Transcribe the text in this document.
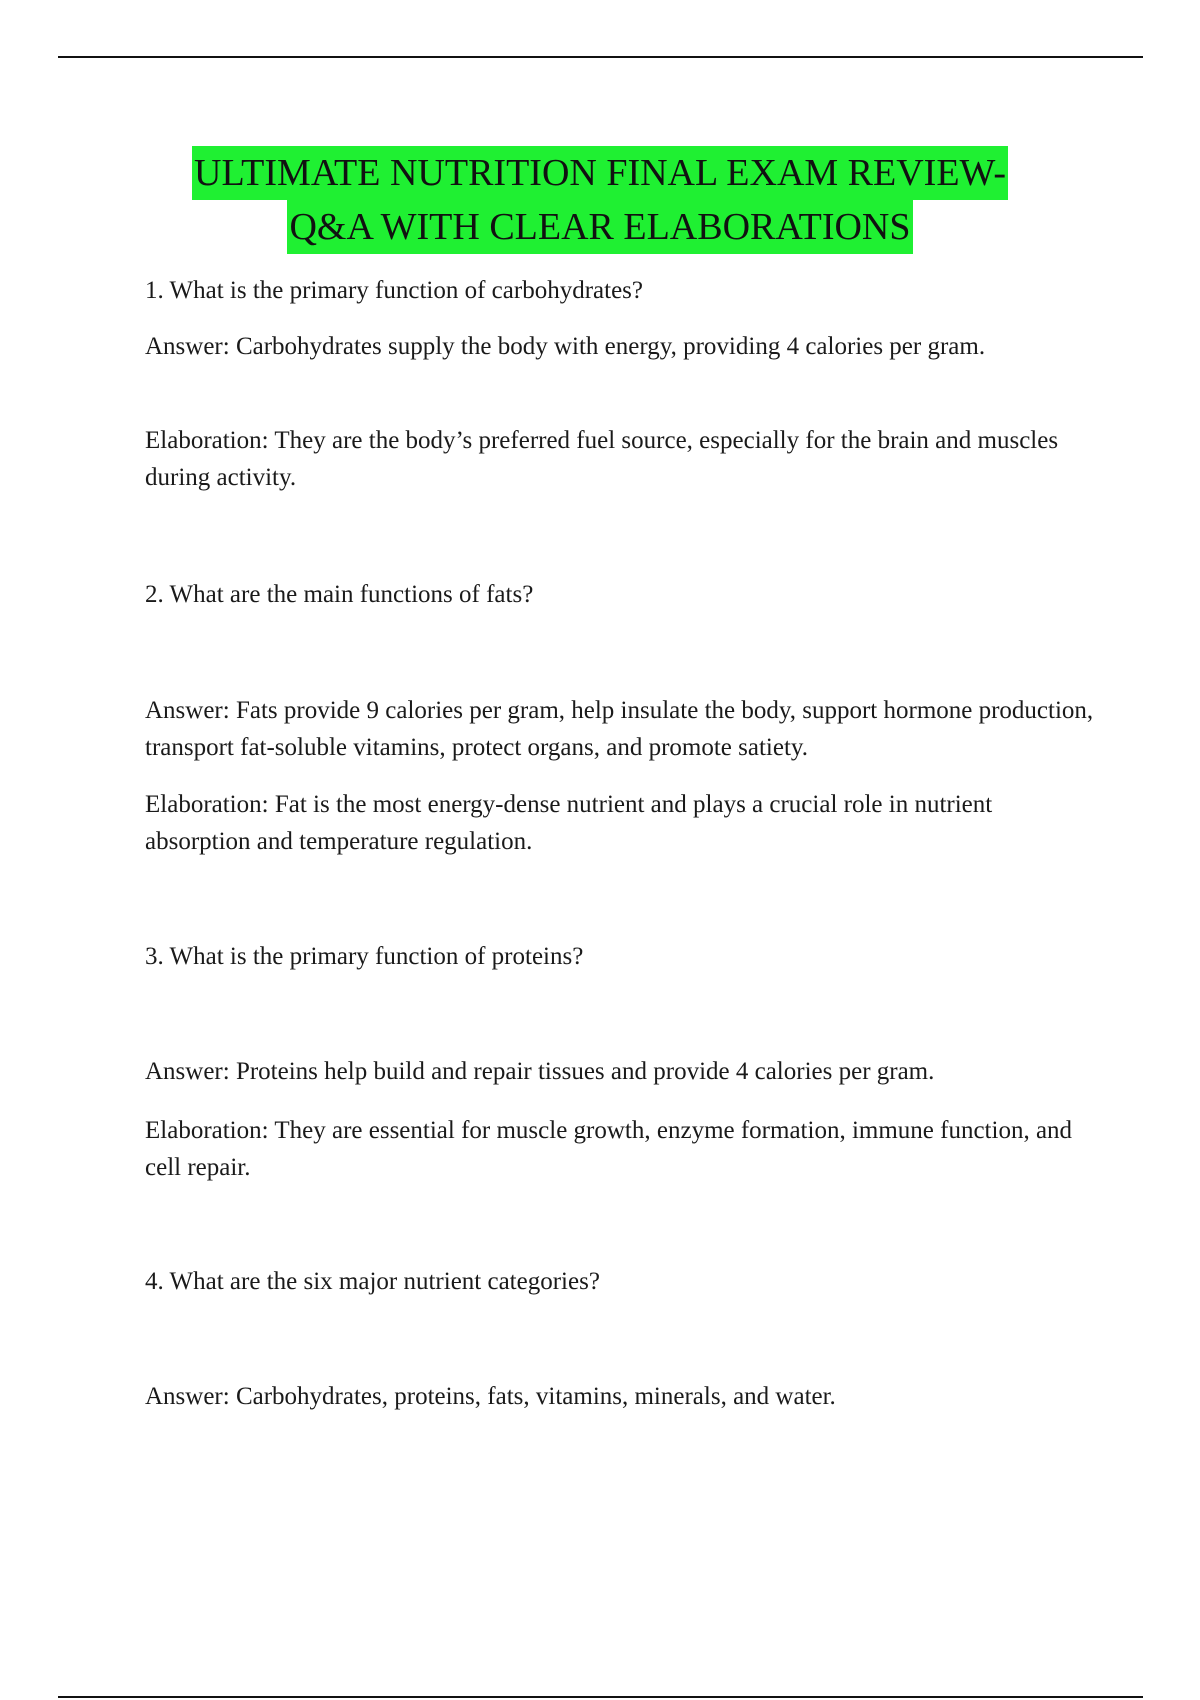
ULTIMATE NUTRITION FINAL EXAM REVIEW-
Q&A WITH CLEAR ELABORATIONS

1. What is the primary function of carbohydrates?

Answer: Carbohydrates supply the body with energy, providing 4 calories per gram.

Elaboration: They are the body’s preferred fuel source, especially for the brain and muscles during activity.

2. What are the main functions of fats?

Answer: Fats provide 9 calories per gram, help insulate the body, support hormone production, transport fat-soluble vitamins, protect organs, and promote satiety.

Elaboration: Fat is the most energy-dense nutrient and plays a crucial role in nutrient absorption and temperature regulation.

3. What is the primary function of proteins?

Answer: Proteins help build and repair tissues and provide 4 calories per gram.

Elaboration: They are essential for muscle growth, enzyme formation, immune function, and cell repair.

4. What are the six major nutrient categories?

Answer: Carbohydrates, proteins, fats, vitamins, minerals, and water.
